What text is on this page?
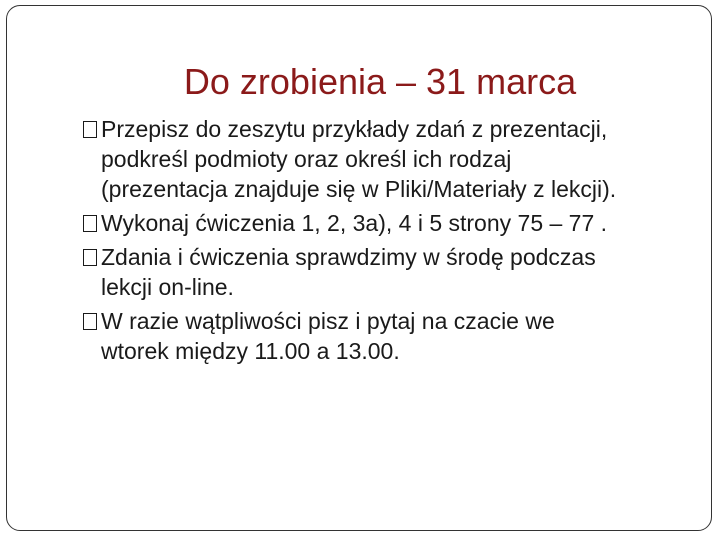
Do zrobienia – 31 marca
Przepisz do zeszytu przykłady zdań z prezentacji,
podkreśl podmioty oraz określ ich rodzaj
(prezentacja znajduje się w Pliki/Materiały z lekcji).
Wykonaj ćwiczenia 1, 2, 3a), 4 i 5 strony 75 – 77 .
Zdania i ćwiczenia sprawdzimy w środę podczas
lekcji on-line.
W razie wątpliwości pisz i pytaj na czacie we
wtorek między 11.00 a 13.00.
